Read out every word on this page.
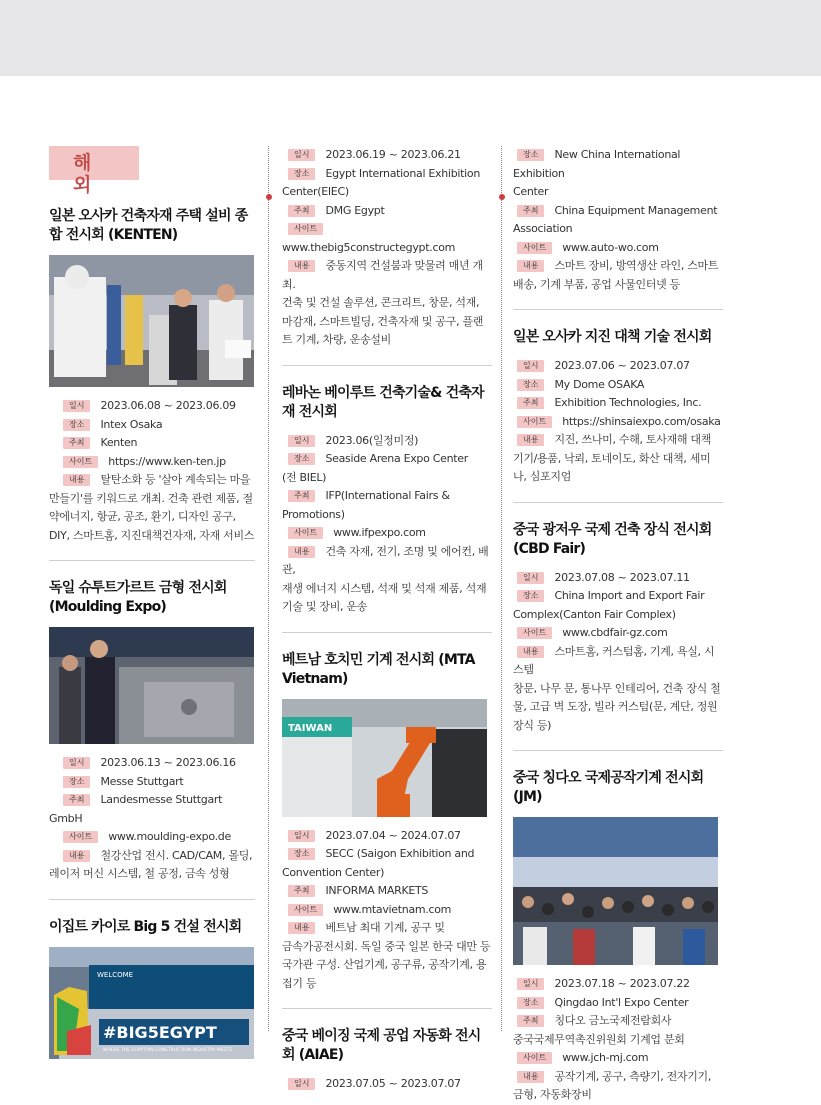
해 외
일본 오사카 건축자재 주택 설비 종합 전시회 (KENTEN)
일시 2023.06.08 ~ 2023.06.09
장소 Intex Osaka
주최 Kenten
사이트 https://www.ken-ten.jp
내용 탈탄소화 등 '살아 계속되는 마을
만들기'를 키워드로 개최. 건축 관련 제품, 절약에너지, 항균, 공조, 환기, 디자인 공구, DIY, 스마트홈, 지진대책건자재, 자재 서비스
독일 슈투트가르트 금형 전시회 (Moulding Expo)
일시 2023.06.13 ~ 2023.06.16
장소 Messe Stuttgart
주최 Landesmesse Stuttgart GmbH
사이트 www.moulding-expo.de
내용 철강산업 전시. CAD/CAM, 몰딩,
레이저 머신 시스템, 철 공정, 금속 성형
이집트 카이로 Big 5 건설 전시회
WELCOME
#BIG5EGYPT
WHERE THE EGYPTIAN CONSTRUCTION INDUSTRY MEETS
일시 2023.06.19 ~ 2023.06.21
장소 Egypt International Exhibition
Center(EIEC)
주최 DMG Egypt
사이트www.thebig5constructegypt.com
내용 중동지역 건설붐과 맞물려 매년 개최.
건축 및 건설 솔루션, 콘크리트, 창문, 석재, 마감재, 스마트빌딩, 건축자재 및 공구, 플랜트 기계, 차량, 운송설비
레바논 베이루트 건축기술& 건축자재 전시회
일시 2023.06(일정미정)
장소 Seaside Arena Expo Center
(전 BIEL)
주최 IFP(International Fairs &
Promotions)
사이트 www.ifpexpo.com
내용 건축 자재, 전기, 조명 및 에어컨, 배관,
재생 에너지 시스템, 석재 및 석재 제품, 석재 기술 및 장비, 운송
베트남 호치민 기계 전시회 (MTA Vietnam)
TAIWAN
일시 2023.07.04 ~ 2024.07.07
장소 SECC (Saigon Exhibition and
Convention Center)
주최 INFORMA MARKETS
사이트 www.mtavietnam.com
내용 베트남 최대 기계, 공구 및
금속가공전시회. 독일 중국 일본 한국 대만 등 국가관 구성. 산업기계, 공구류, 공작기계, 용접기 등
중국 베이징 국제 공업 자동화 전시회 (AIAE)
일시 2023.07.05 ~ 2023.07.07
장소 New China International Exhibition
Center
주최 China Equipment Management
Association
사이트 www.auto-wo.com
내용 스마트 장비, 방역생산 라인, 스마트
배송, 기계 부품, 공업 사물인터넷 등
일본 오사카 지진 대책 기술 전시회
일시 2023.07.06 ~ 2023.07.07
장소 My Dome OSAKA
주최 Exhibition Technologies, Inc.
사이트 https://shinsaiexpo.com/osaka
내용 지진, 쓰나미, 수해, 토사재해 대책
기기/용품, 낙뢰, 토네이도, 화산 대책, 세미나, 심포지엄
중국 광저우 국제 건축 장식 전시회 (CBD Fair)
일시 2023.07.08 ~ 2023.07.11
장소 China Import and Export Fair
Complex(Canton Fair Complex)
사이트 www.cbdfair-gz.com
내용 스마트홈, 커스텀홈, 기계, 욕실, 시스템
창문, 나무 문, 통나무 인테리어, 건축 장식 철물, 고급 벽 도장, 빌라 커스텀(문, 계단, 정원 장식 등)
중국 칭다오 국제공작기계 전시회 (JM)
일시 2023.07.18 ~ 2023.07.22
장소 Qingdao Int'l Expo Center
주최 칭다오 금노국제전람회사
중국국제무역촉진위원회 기계업 분회
사이트 www.jch-mj.com
내용 공작기계, 공구, 측량기, 전자기기,
금형, 자동화장비
